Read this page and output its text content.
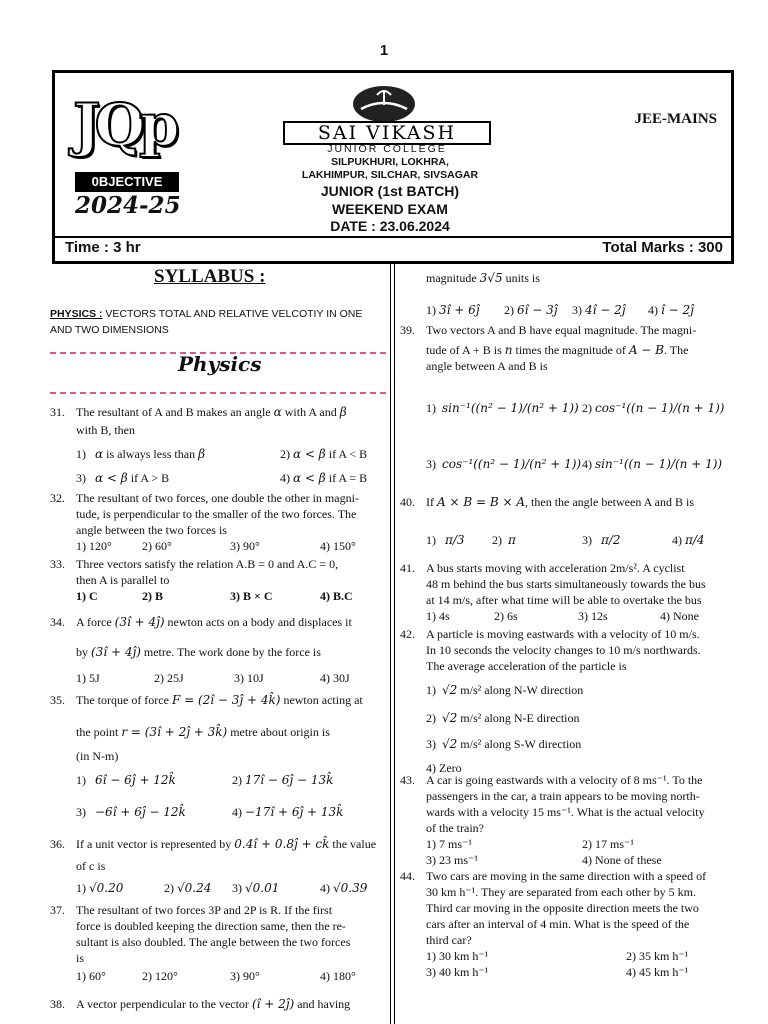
1
JQp
0BJECTIVE
2024-25
SAI VIKASH
JUNIOR COLLEGE
SILPUKHURI, LOKHRA,
LAKHIMPUR, SILCHAR, SIVSAGAR
JUNIOR (1st BATCH)
WEEKEND EXAM
DATE : 23.06.2024
JEE-MAINS
Time : 3 hr	Total Marks : 300
SYLLABUS :
PHYSICS : VECTORS TOTAL AND RELATIVE VELCOTIY IN ONE AND TWO DIMENSIONS
Physics
31. The resultant of A and B makes an angle α with A and β
with B, then
1) α is always less than β	2) α < β if A < B
3) α < β if A > B	4) α < β if A = B
32. The resultant of two forces, one double the other in magni-
tude, is perpendicular to the smaller of the two forces. The
angle between the two forces is
1) 120°	2) 60°	3) 90°	4) 150°
33. Three vectors satisfy the relation A.B = 0 and A.C = 0,
then A is parallel to
1) C	2) B	3) B × C	4) B.C
34. A force (3î + 4ĵ) newton acts on a body and displaces it
by (3î + 4ĵ) metre. The work done by the force is
1) 5J	2) 25J	3) 10J	4) 30J
35. The torque of force F = (2î − 3ĵ + 4k̂) newton acting at
the point r = (3î + 2ĵ + 3k̂) metre about origin is
(in N-m)
1) 6î − 6ĵ + 12k̂	2) 17î − 6ĵ − 13k̂
3) −6î + 6ĵ − 12k̂	4) −17î + 6ĵ + 13k̂
36. If a unit vector is represented by 0.4î + 0.8ĵ + ck̂ the value
of c is
1) √0.20	2) √0.24 3) √0.01	4) √0.39
37. The resultant of two forces 3P and 2P is R. If the first
force is doubled keeping the direction same, then the re-
sultant is also doubled. The angle between the two forces
is
1) 60°	2) 120°	3) 90°	4) 180°
38. A vector perpendicular to the vector (î + 2ĵ) and having
magnitude 3√5 units is
1) 3î + 6ĵ 2) 6î − 3ĵ 3) 4î − 2ĵ 4) î − 2ĵ
39. Two vectors A and B have equal magnitude. The magni-
tude of A + B is n times the magnitude of A − B. The
angle between A and B is
1) sin⁻¹((n² − 1)/(n² + 1)) 2) cos⁻¹((n − 1)/(n + 1))
3) cos⁻¹((n² − 1)/(n² + 1)) 4) sin⁻¹((n − 1)/(n + 1))
40. If A × B = B × A, then the angle between A and B is
1) π/3 2) π	3) π/2	4) π/4
41. A bus starts moving with acceleration 2m/s². A cyclist
48 m behind the bus starts simultaneously towards the bus
at 14 m/s, after what time will be able to overtake the bus
1) 4s	2) 6s	3) 12s	4) None
42. A particle is moving eastwards with a velocity of 10 m/s.
In 10 seconds the velocity changes to 10 m/s northwards.
The average acceleration of the particle is
1) √2 m/s² along N-W direction
2) √2 m/s² along N-E direction
3) √2 m/s² along S-W direction
4) Zero
43. A car is going eastwards with a velocity of 8 ms⁻¹. To the
passengers in the car, a train appears to be moving north-
wards with a velocity 15 ms⁻¹. What is the actual velocity
of the train?
1) 7 ms⁻¹	2) 17 ms⁻¹
3) 23 ms⁻¹	4) None of these
44. Two cars are moving in the same direction with a speed of
30 km h⁻¹. They are separated from each other by 5 km.
Third car moving in the opposite direction meets the two
cars after an interval of 4 min. What is the speed of the
third car?
1) 30 km h⁻¹	2) 35 km h⁻¹
3) 40 km h⁻¹	4) 45 km h⁻¹
